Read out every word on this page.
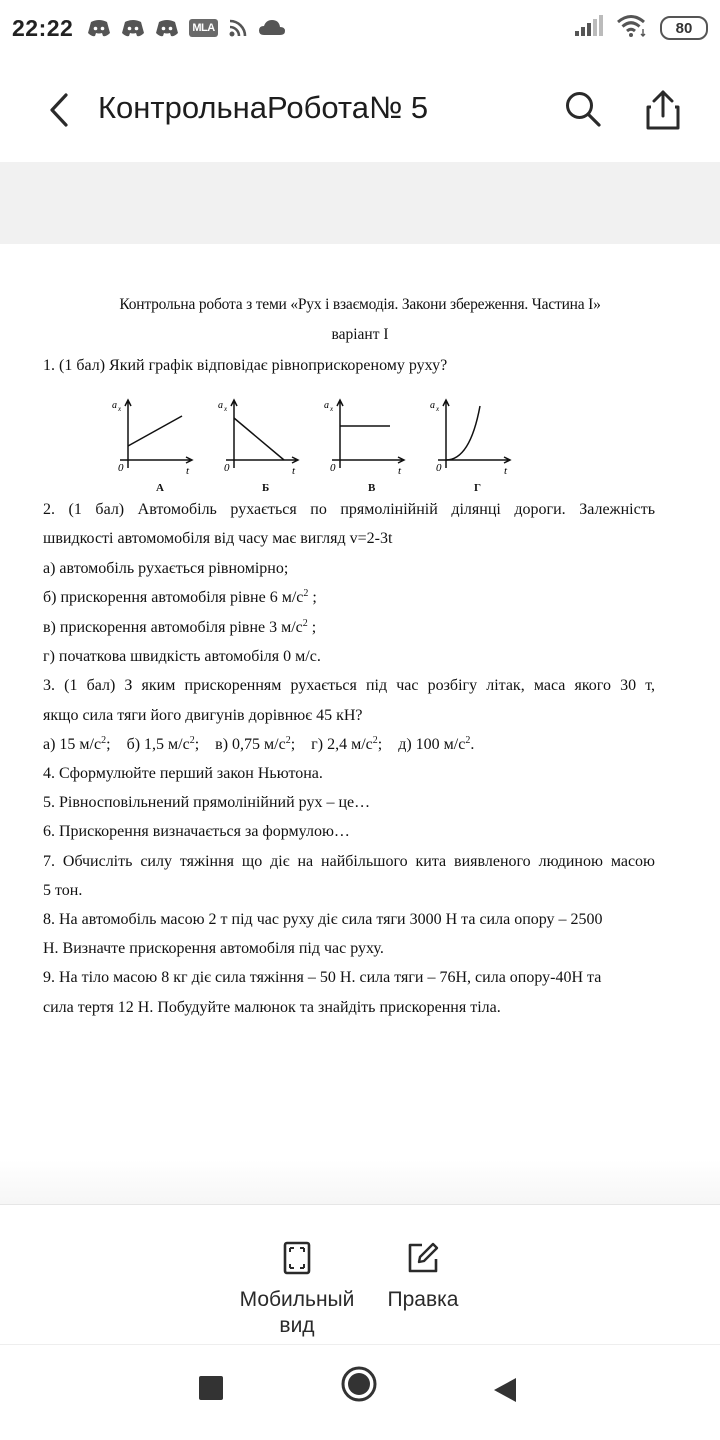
22:22	MLA	80
КонтрольнаРобота№ 5
Контрольна робота з теми «Рух і взаємодія. Закони збереження. Частина І»
варіант І
1. (1 бал) Який графік відповідає рівноприскореному руху?
a x
0	t
А
a x
0	t
Б
a x
0	t
В
a x
0	t
Г
2. (1 бал) Автомобіль рухається по прямолінійній ділянці дороги. Залежність
швидкості автомомобіля від часу має вигляд v=2-3t
а) автомобіль рухається рівномірно;
б) прискорення автомобіля рівне 6 $м/с^2$ ;
в) прискорення автомобіля рівне 3 $м/с^2$ ;
г) початкова швидкість автомобіля 0 м/с.
3. (1 бал) З яким прискоренням рухається під час розбігу літак, маса якого 30 т,
якщо сила тяги його двигунів дорівнює 45 кН?
а) 15 $м/с^2$; б) 1,5 $м/с^2$; в) 0,75 $м/с^2$; г) 2,4 $м/с^2$; д) 100 $м/с^2$.
4. Сформулюйте перший закон Ньютона.
5. Рівносповільнений прямолінійний рух – це…
6. Прискорення визначається за формулою…
7. Обчисліть силу тяжіння що діє на найбільшого кита виявленого людиною масою
5 тон.
8. На автомобіль масою 2 т під час руху діє сила тяги 3000 Н та сила опору – 2500
Н. Визначте прискорення автомобіля під час руху.
9. На тіло масою 8 кг діє сила тяжіння – 50 Н. сила тяги – 76Н, сила опору-40Н та
сила тертя 12 Н. Побудуйте малюнок та знайдіть прискорення тіла.
Мобильный
вид
Правка
